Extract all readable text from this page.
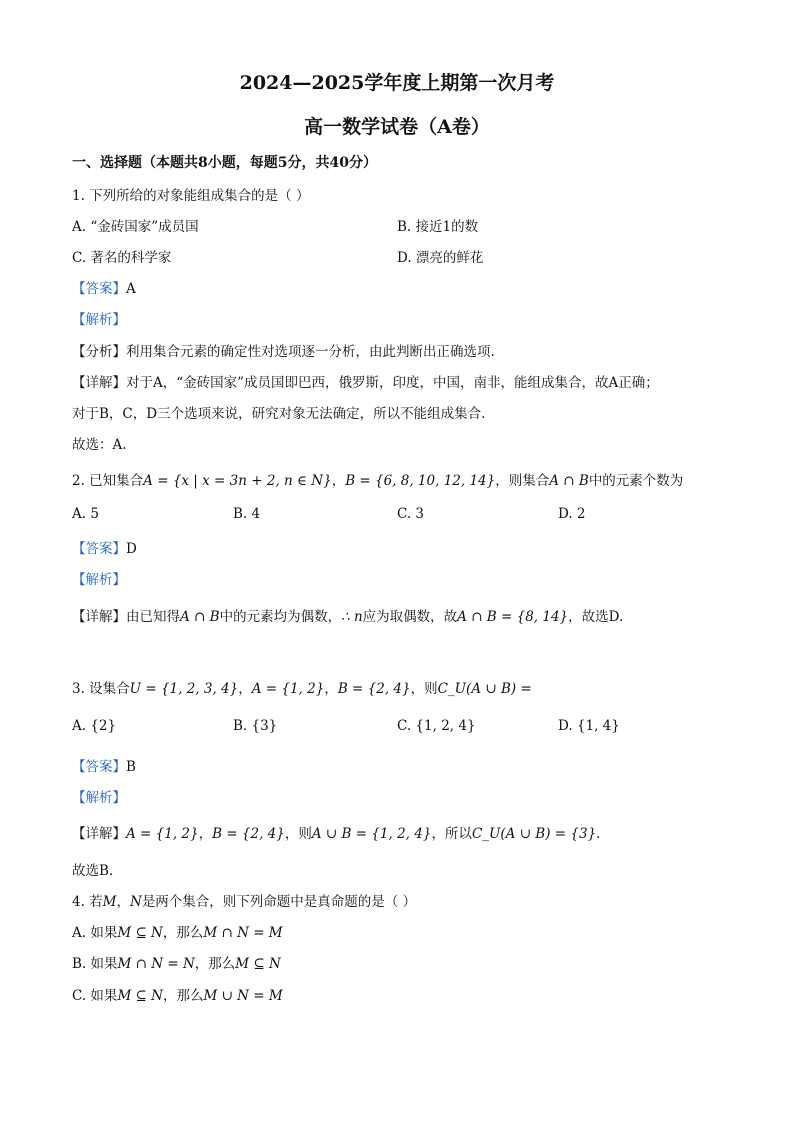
2024—2025学年度上期第一次月考
高一数学试卷（A卷）
一、选择题（本题共8小题，每题5分，共40分）
1. 下列所给的对象能组成集合的是（ ）
A. “金砖国家”成员国	B. 接近1的数
C. 著名的科学家	D. 漂亮的鲜花
【答案】A
【解析】
【分析】利用集合元素的确定性对选项逐一分析，由此判断出正确选项.
【详解】对于A，“金砖国家”成员国即巴西，俄罗斯，印度，中国，南非，能组成集合，故A正确；
对于B，C，D三个选项来说，研究对象无法确定，所以不能组成集合.
故选：A.
2. 已知集合A = {x | x = 3n + 2, n ∈ N}，B = {6, 8, 10, 12, 14}，则集合A ∩ B中的元素个数为
A. 5	B. 4	C. 3	D. 2
【答案】D
【解析】
【详解】由已知得A ∩ B中的元素均为偶数，∴ n应为取偶数，故A ∩ B = {8, 14}，故选D.
3. 设集合U = {1, 2, 3, 4}，A = {1, 2}，B = {2, 4}，则C_U(A ∪ B) =
A. {2}	B. {3}	C. {1, 2, 4}	D. {1, 4}
【答案】B
【解析】
【详解】A = {1, 2}，B = {2, 4}，则A ∪ B = {1, 2, 4}，所以C_U(A ∪ B) = {3}.
故选B.
4. 若M，N是两个集合，则下列命题中是真命题的是（ ）
A. 如果M ⊆ N，那么M ∩ N = M
B. 如果M ∩ N = N，那么M ⊆ N
C. 如果M ⊆ N，那么M ∪ N = M
